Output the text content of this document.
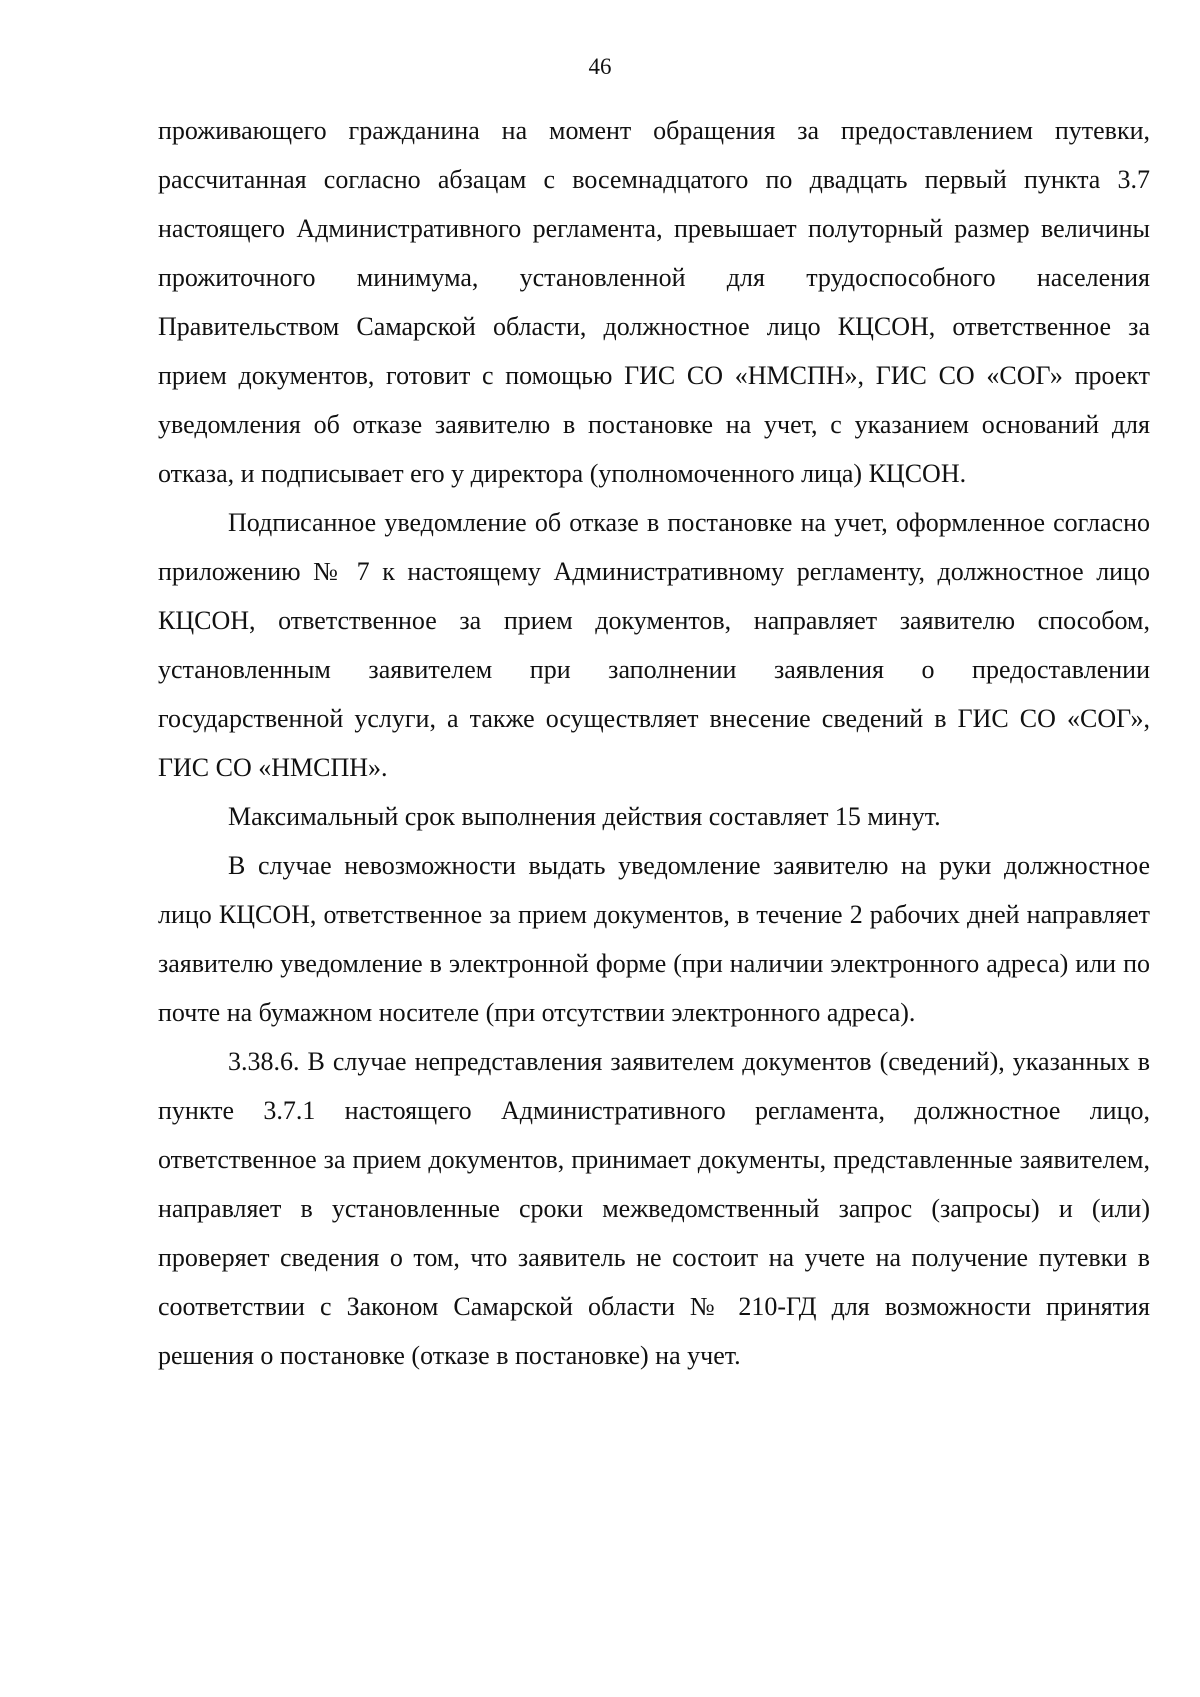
46

проживающего гражданина на момент обращения за предоставлением путевки, рассчитанная согласно абзацам с восемнадцатого по двадцать первый пункта 3.7 настоящего Административного регламента, превышает полуторный размер величины прожиточного минимума, установленной для трудоспособного населения Правительством Самарской области, должностное лицо КЦСОН, ответственное за прием документов, готовит с помощью ГИС СО «НМСПН», ГИС СО «СОГ» проект уведомления об отказе заявителю в постановке на учет, с указанием оснований для отказа, и подписывает его у директора (уполномоченного лица) КЦСОН.

Подписанное уведомление об отказе в постановке на учет, оформленное согласно приложению № 7 к настоящему Административному регламенту, должностное лицо КЦСОН, ответственное за прием документов, направляет заявителю способом, установленным заявителем при заполнении заявления о предоставлении государственной услуги, а также осуществляет внесение сведений в ГИС СО «СОГ», ГИС СО «НМСПН».

Максимальный срок выполнения действия составляет 15 минут.

В случае невозможности выдать уведомление заявителю на руки должностное лицо КЦСОН, ответственное за прием документов, в течение 2 рабочих дней направляет заявителю уведомление в электронной форме (при наличии электронного адреса) или по почте на бумажном носителе (при отсутствии электронного адреса).

3.38.6. В случае непредставления заявителем документов (сведений), указанных в пункте 3.7.1 настоящего Административного регламента, должностное лицо, ответственное за прием документов, принимает документы, представленные заявителем, направляет в установленные сроки межведомственный запрос (запросы) и (или) проверяет сведения о том, что заявитель не состоит на учете на получение путевки в соответствии с Законом Самарской области № 210-ГД для возможности принятия решения о постановке (отказе в постановке) на учет.
